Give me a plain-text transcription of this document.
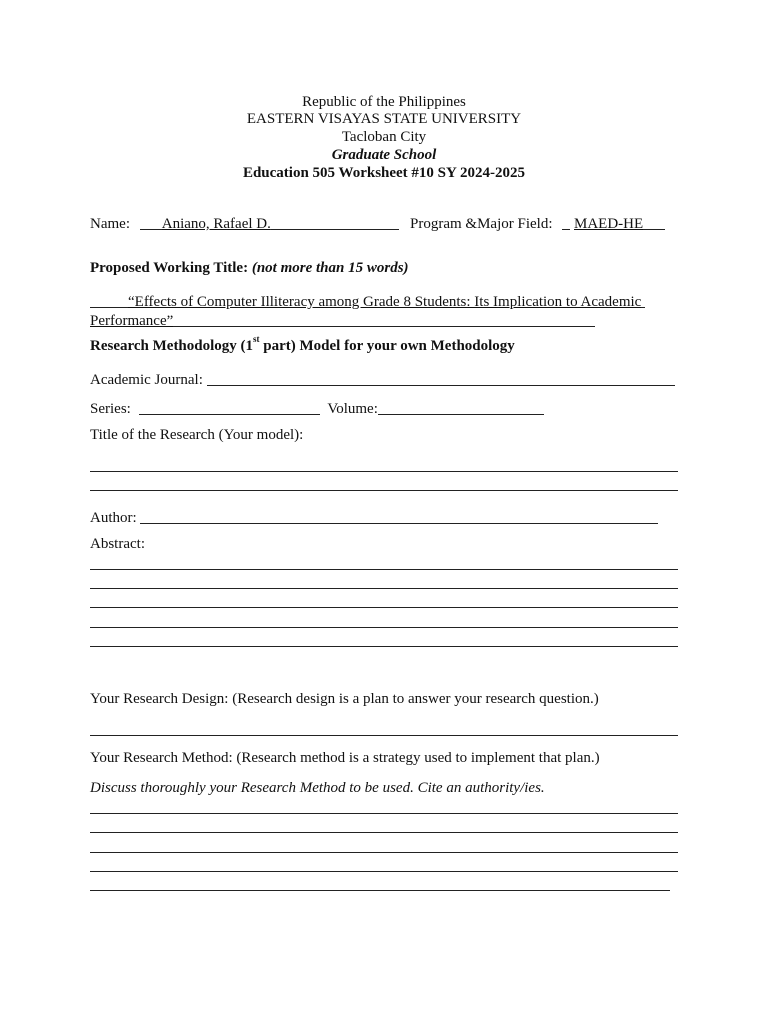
Republic of the Philippines
EASTERN VISAYAS STATE UNIVERSITY
Tacloban City
Graduate School
Education 505 Worksheet #10 SY 2024-2025
Name: Aniano, Rafael D.	Program &Major Field: MAED-HE
Proposed Working Title: (not more than 15 words)
“Effects of Computer Illiteracy among Grade 8 Students: Its Implication to Academic
Performance”
Research Methodology (1st part) Model for your own Methodology
Academic Journal:
Series:	Volume:
Title of the Research (Your model):
Author:
Abstract:
Your Research Design: (Research design is a plan to answer your research question.)
Your Research Method: (Research method is a strategy used to implement that plan.)
Discuss thoroughly your Research Method to be used. Cite an authority/ies.
